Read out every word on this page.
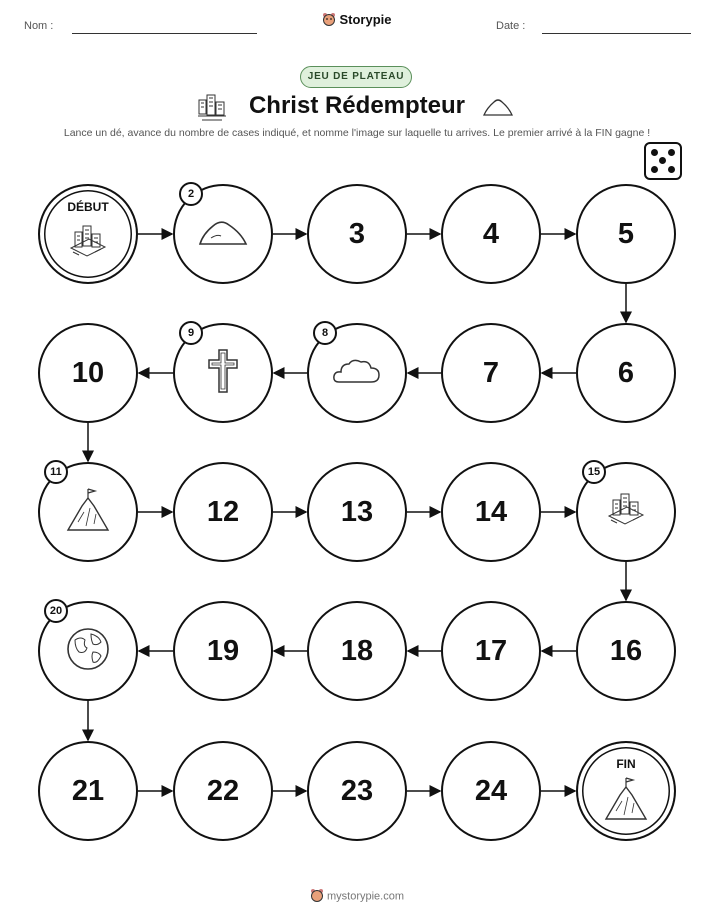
Nom :	Date :
Storypie
JEU DE PLATEAU
Christ Rédempteur
Lance un dé, avance du nombre de cases indiqué, et nomme l'image sur laquelle tu arrives. Le premier arrivé à la FIN gagne !
DÉBUT
2
3	4	5
6
7
8
9
10
11
12	13	14
15
16
17
18
19
20
21	22	23	24
FIN
mystorypie.com
